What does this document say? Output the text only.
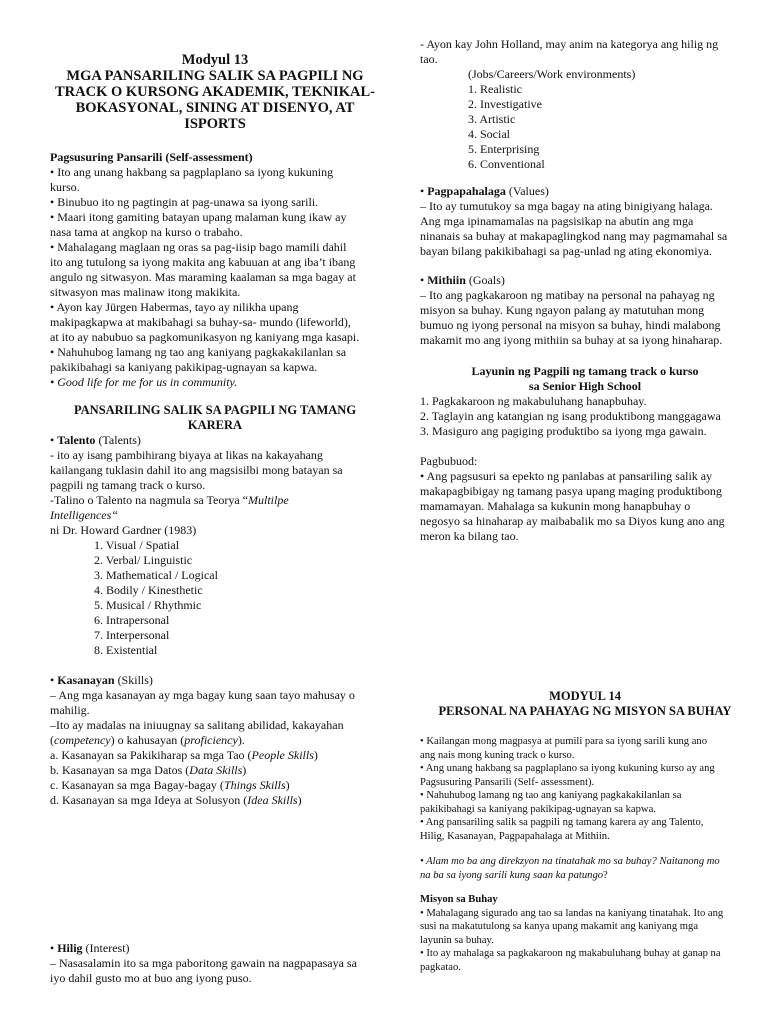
Modyul 13
MGA PANSARILING SALIK SA PAGPILI NG
TRACK O KURSONG AKADEMIK, TEKNIKAL-
BOKASYONAL, SINING AT DISENYO, AT
ISPORTS

Pagsusuring Pansarili (Self-assessment)

• Ito ang unang hakbang sa pagplaplano sa iyong kukuning

kurso.

• Binubuo ito ng pagtingin at pag-unawa sa iyong sarili.

• Maari itong gamiting batayan upang malaman kung ikaw ay

nasa tama at angkop na kurso o trabaho.

• Mahalagang maglaan ng oras sa pag-iisip bago mamili dahil

ito ang tutulong sa iyong makita ang kabuuan at ang iba’t ibang

angulo ng sitwasyon. Mas maraming kaalaman sa mga bagay at

sitwasyon mas malinaw itong makikita.

• Ayon kay Jürgen Habermas, tayo ay nilikha upang

makipagkapwa at makibahagi sa buhay-sa- mundo (lifeworld),

at ito ay nabubuo sa pagkomunikasyon ng kaniyang mga kasapi.

• Nahuhubog lamang ng tao ang kaniyang pagkakakilanlan sa

pakikibahagi sa kaniyang pakikipag-ugnayan sa kapwa.

• Good life for me for us in community.

PANSARILING SALIK SA PAGPILI NG TAMANG
KARERA

• Talento (Talents)

- ito ay isang pambihirang biyaya at likas na kakayahang

kailangang tuklasin dahil ito ang magsisilbi mong batayan sa

pagpili ng tamang track o kurso.

-Talino o Talento na nagmula sa Teorya “Multilpe

Intelligences“

ni Dr. Howard Gardner (1983)

1. Visual / Spatial

2. Verbal/ Linguistic

3. Mathematical / Logical

4. Bodily / Kinesthetic

5. Musical / Rhythmic

6. Intrapersonal

7. Interpersonal

8. Existential

• Kasanayan (Skills)

– Ang mga kasanayan ay mga bagay kung saan tayo mahusay o

mahilig.

–Ito ay madalas na iniuugnay sa salitang abilidad, kakayahan

(competency) o kahusayan (proficiency).

a. Kasanayan sa Pakikiharap sa mga Tao (People Skills)

b. Kasanayan sa mga Datos (Data Skills)

c. Kasanayan sa mga Bagay-bagay (Things Skills)

d. Kasanayan sa mga Ideya at Solusyon (Idea Skills)

• Hilig (Interest)

– Nasasalamin ito sa mga paboritong gawain na nagpapasaya sa

iyo dahil gusto mo at buo ang iyong puso.

- Ayon kay John Holland, may anim na kategorya ang hilig ng

tao.

(Jobs/Careers/Work environments)

1. Realistic

2. Investigative

3. Artistic

4. Social

5. Enterprising

6. Conventional

• Pagpapahalaga (Values)

– Ito ay tumutukoy sa mga bagay na ating binigiyang halaga.

Ang mga ipinamamalas na pagsisikap na abutin ang mga

ninanais sa buhay at makapaglingkod nang may pagmamahal sa

bayan bilang pakikibahagi sa pag-unlad ng ating ekonomiya.

• Mithiin (Goals)

– Ito ang pagkakaroon ng matibay na personal na pahayag ng

misyon sa buhay. Kung ngayon palang ay matutuhan mong

bumuo ng iyong personal na misyon sa buhay, hindi malabong

makamit mo ang iyong mithiin sa buhay at sa iyong hinaharap.

Layunin ng Pagpili ng tamang track o kurso
sa Senior High School

1. Pagkakaroon ng makabuluhang hanapbuhay.

2. Taglayin ang katangian ng isang produktibong manggagawa

3. Masiguro ang pagiging produktibo sa iyong mga gawain.

Pagbubuod:

• Ang pagsusuri sa epekto ng panlabas at pansariling salik ay

makapagbibigay ng tamang pasya upang maging produktibong

mamamayan. Mahalaga sa kukunin mong hanapbuhay o

negosyo sa hinaharap ay maibabalik mo sa Diyos kung ano ang

meron ka bilang tao.

MODYUL 14
PERSONAL NA PAHAYAG NG MISYON SA BUHAY

• Kailangan mong magpasya at pumili para sa iyong sarili kung ano

ang nais mong kuning track o kurso.

• Ang unang hakbang sa pagplaplano sa iyong kukuning kurso ay ang

Pagsusuring Pansarili (Self- assessment).

• Nahuhubog lamang ng tao ang kaniyang pagkakakilanlan sa

pakikibahagi sa kaniyang pakikipag-ugnayan sa kapwa.

• Ang pansariling salik sa pagpili ng tamang karera ay ang Talento,

Hilig, Kasanayan, Pagpapahalaga at Mithiin.

• Alam mo ba ang direkzyon na tinatahak mo sa buhay? Naitanong mo

na ba sa iyong sarili kung saan ka patungo?

Misyon sa Buhay

• Mahalagang sigurado ang tao sa landas na kaniyang tinatahak. Ito ang

susi na makatutulong sa kanya upang makamit ang kaniyang mga

layunin sa buhay.

• Ito ay mahalaga sa pagkakaroon ng makabuluhang buhay at ganap na

pagkatao.
